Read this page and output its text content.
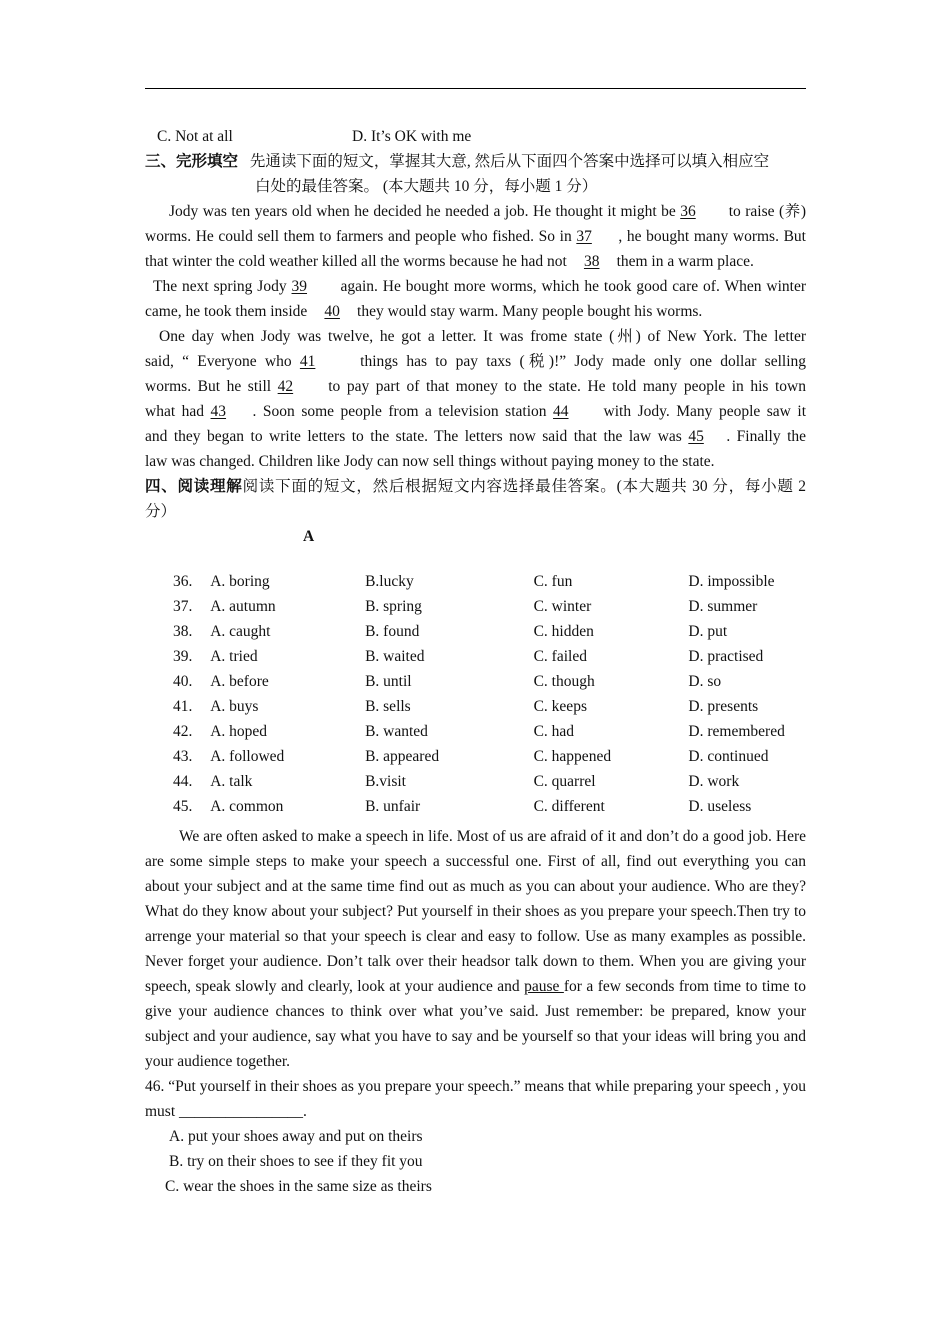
C. Not at all	D. It’s OK with me

三、完形填空 先通读下面的短文，掌握其大意, 然后从下面四个答案中选择可以填入相应空

白处的最佳答案。 (本大题共 10 分，每小题 1 分）

Jody was ten years old when he decided he needed a job. He thought it might be 36 to raise (养)

worms. He could sell them to farmers and people who fished. So in 37 , he bought many worms. But

that winter the cold weather killed all the worms because he had not 38 them in a warm place.

The next spring Jody 39 again. He bought more worms, which he took good care of. When winter

came, he took them inside 40 they would stay warm. Many people bought his worms.

One day when Jody was twelve, he got a letter. It was frome state (州) of New York. The letter

said, “ Everyone who 41 things has to pay taxs (税)!” Jody made only one dollar selling

worms. But he still 42 to pay part of that money to the state. He told many people in his town

what had 43 . Soon some people from a television station 44 with Jody. Many people saw it

and they began to write letters to the state. The letters now said that the law was 45 . Finally the

law was changed. Children like Jody can now sell things without paying money to the state.

四、阅读理解阅读下面的短文，然后根据短文内容选择最佳答案。(本大题共 30 分，每小题 2

分）

A

36.	A. boring	B.lucky	C. fun	D. impossible
37.	A. autumn	B. spring	C. winter	D. summer
38.	A. caught	B. found	C. hidden	D. put
39.	A. tried	B. waited	C. failed	D. practised
40.	A. before	B. until	C. though	D. so
41.	A. buys	B. sells	C. keeps	D. presents
42.	A. hoped	B. wanted	C. had	D. remembered
43.	A. followed	B. appeared	C. happened	D. continued
44.	A. talk	B.visit	C. quarrel	D. work
45.	A. common	B. unfair	C. different	D. useless

We are often asked to make a speech in life. Most of us are afraid of it and don’t do a good job. Here are some simple steps to make your speech a successful one. First of all, find out everything you can about your subject and at the same time find out as much as you can about your audience. Who are they? What do they know about your subject? Put yourself in their shoes as you prepare your speech.Then try to arrenge your material so that your speech is clear and easy to follow. Use as many examples as possible. Never forget your audience. Don’t talk over their headsor talk down to them. When you are giving your speech, speak slowly and clearly, look at your audience and pause for a few seconds from time to time to give your audience chances to think over what you’ve said. Just remember: be prepared, know your subject and your audience, say what you have to say and be yourself so that your ideas will bring you and your audience together.

46. “Put yourself in their shoes as you prepare your speech.” means that while preparing your speech , you must ________________.

A. put your shoes away and put on theirs

B. try on their shoes to see if they fit you

C. wear the shoes in the same size as theirs
